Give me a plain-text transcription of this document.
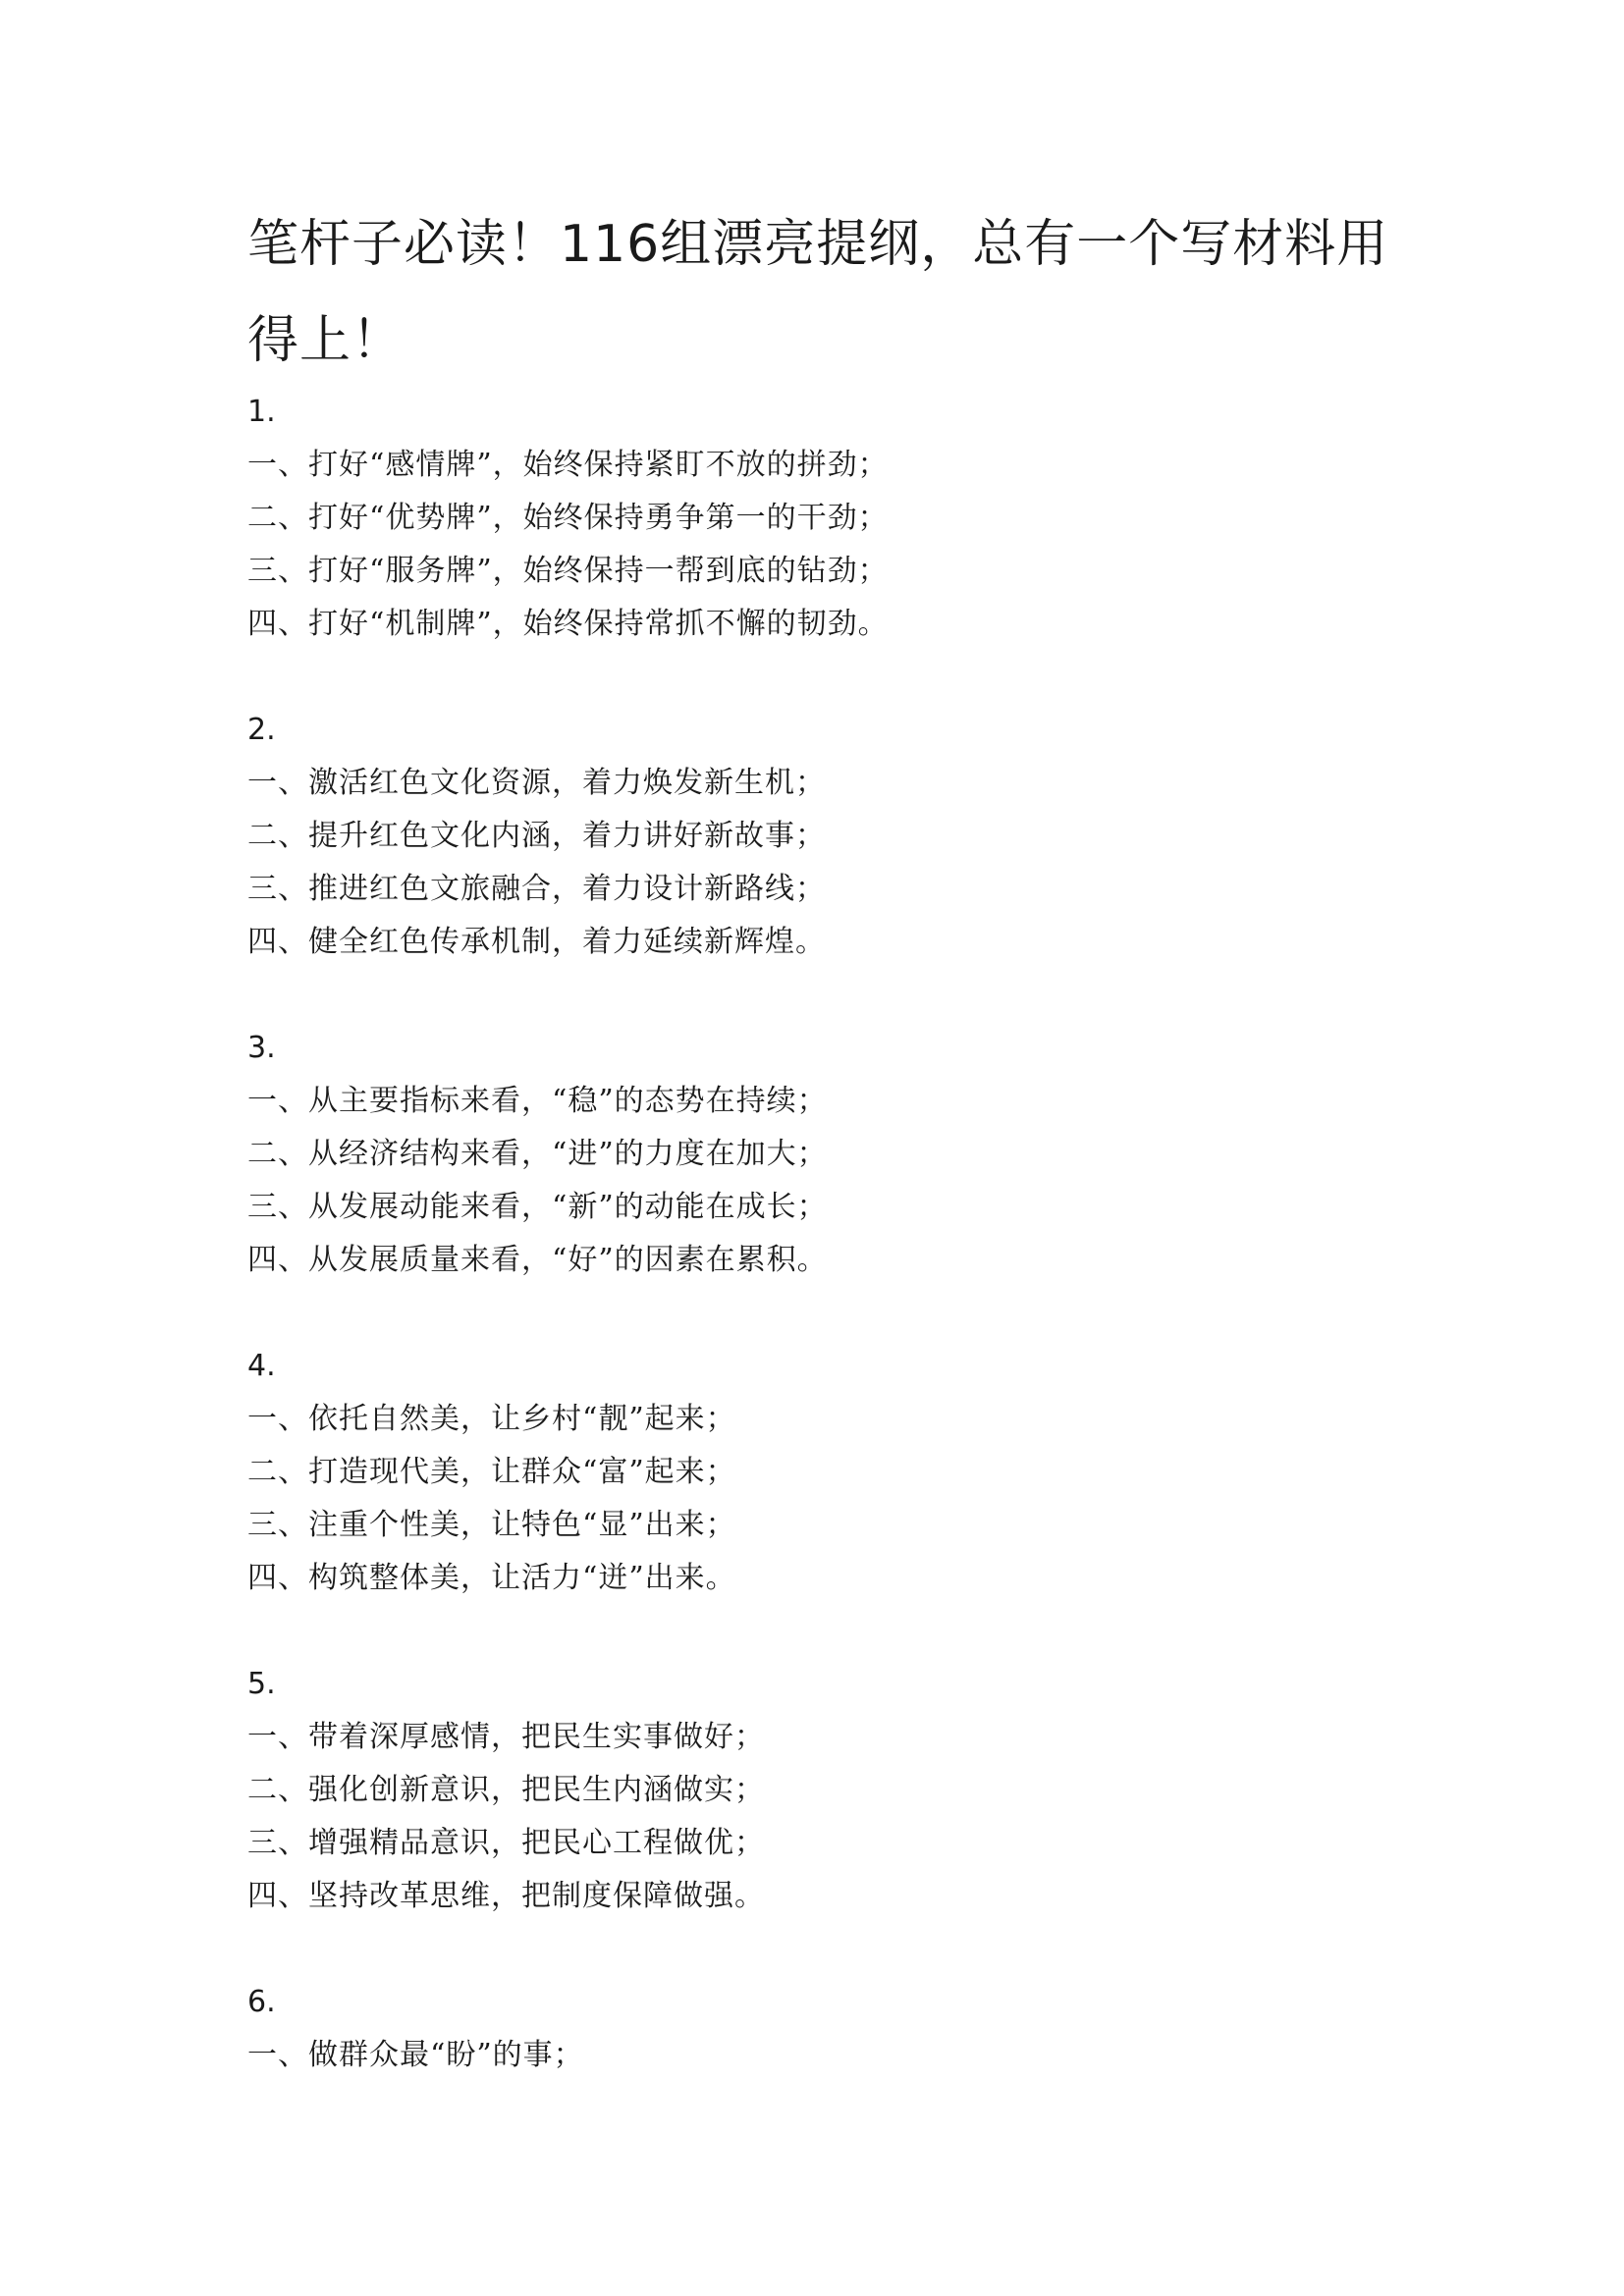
笔杆子必读！116组漂亮提纲，总有一个写材料用得上！
1.
一、打好“感情牌”，始终保持紧盯不放的拼劲；
二、打好“优势牌”，始终保持勇争第一的干劲；
三、打好“服务牌”，始终保持一帮到底的钻劲；
四、打好“机制牌”，始终保持常抓不懈的韧劲。
2.
一、激活红色文化资源，着力焕发新生机；
二、提升红色文化内涵，着力讲好新故事；
三、推进红色文旅融合，着力设计新路线；
四、健全红色传承机制，着力延续新辉煌。
3.
一、从主要指标来看，“稳”的态势在持续；
二、从经济结构来看，“进”的力度在加大；
三、从发展动能来看，“新”的动能在成长；
四、从发展质量来看，“好”的因素在累积。
4.
一、依托自然美，让乡村“靓”起来；
二、打造现代美，让群众“富”起来；
三、注重个性美，让特色“显”出来；
四、构筑整体美，让活力“迸”出来。
5.
一、带着深厚感情，把民生实事做好；
二、强化创新意识，把民生内涵做实；
三、增强精品意识，把民心工程做优；
四、坚持改革思维，把制度保障做强。
6.
一、做群众最“盼”的事；
